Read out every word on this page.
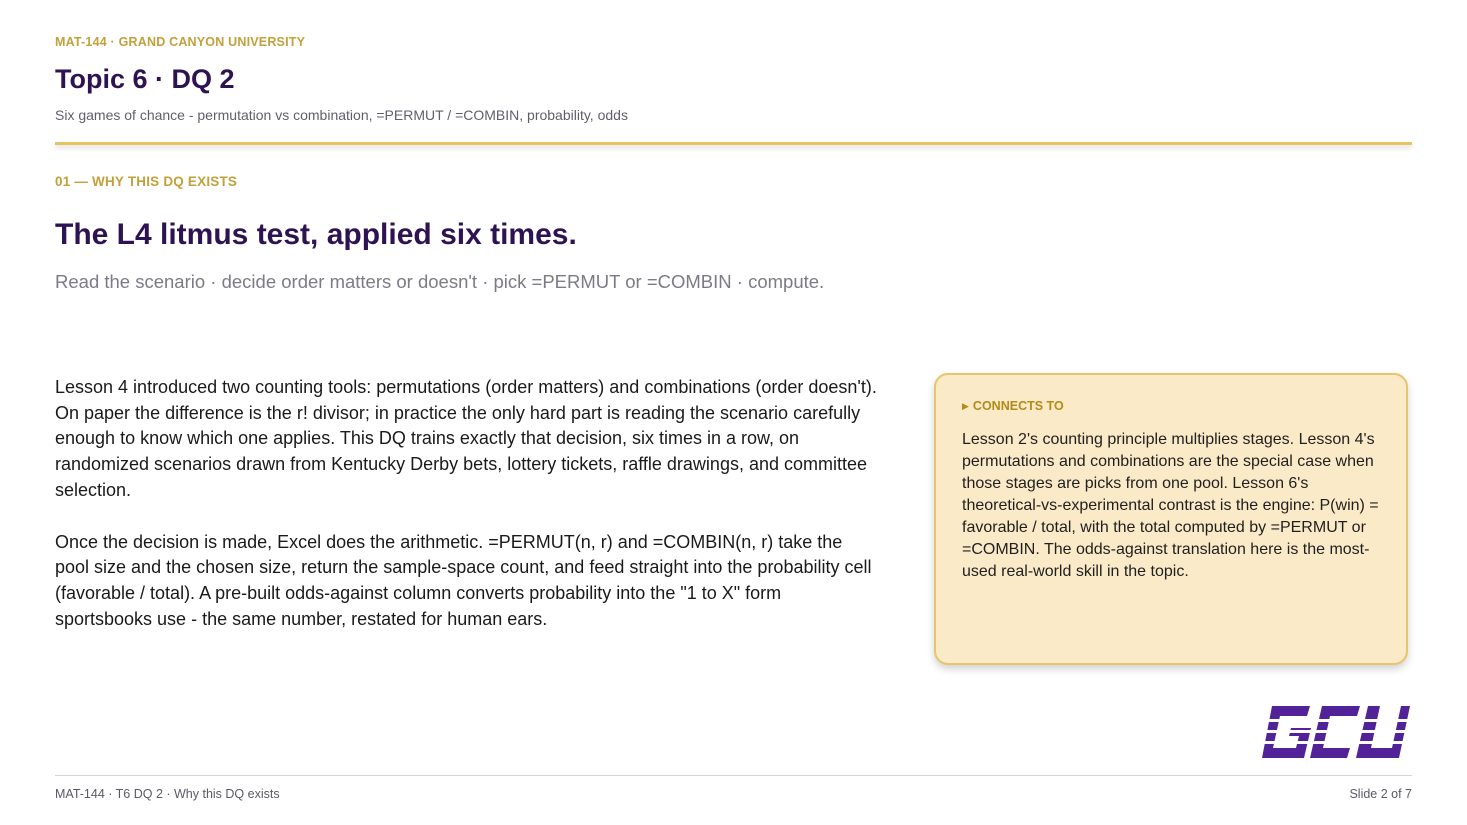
MAT-144 · GRAND CANYON UNIVERSITY
Topic 6 · DQ 2
Six games of chance - permutation vs combination, =PERMUT / =COMBIN, probability, odds
01 — WHY THIS DQ EXISTS
The L4 litmus test, applied six times.
Read the scenario · decide order matters or doesn't · pick =PERMUT or =COMBIN · compute.

Lesson 4 introduced two counting tools: permutations (order matters) and combinations (order doesn't). On paper the difference is the r! divisor; in practice the only hard part is reading the scenario carefully enough to know which one applies. This DQ trains exactly that decision, six times in a row, on randomized scenarios drawn from Kentucky Derby bets, lottery tickets, raffle drawings, and committee selection.

Once the decision is made, Excel does the arithmetic. =PERMUT(n, r) and =COMBIN(n, r) take the pool size and the chosen size, return the sample-space count, and feed straight into the probability cell (favorable / total). A pre-built odds-against column converts probability into the "1 to X" form sportsbooks use - the same number, restated for human ears.

▶ CONNECTS TO
Lesson 2's counting principle multiplies stages. Lesson 4's permutations and combinations are the special case when those stages are picks from one pool. Lesson 6's theoretical-vs-experimental contrast is the engine: P(win) = favorable / total, with the total computed by =PERMUT or =COMBIN. The odds-against translation here is the most-used real-world skill in the topic.
MAT-144 · T6 DQ 2 · Why this DQ exists	Slide 2 of 7
